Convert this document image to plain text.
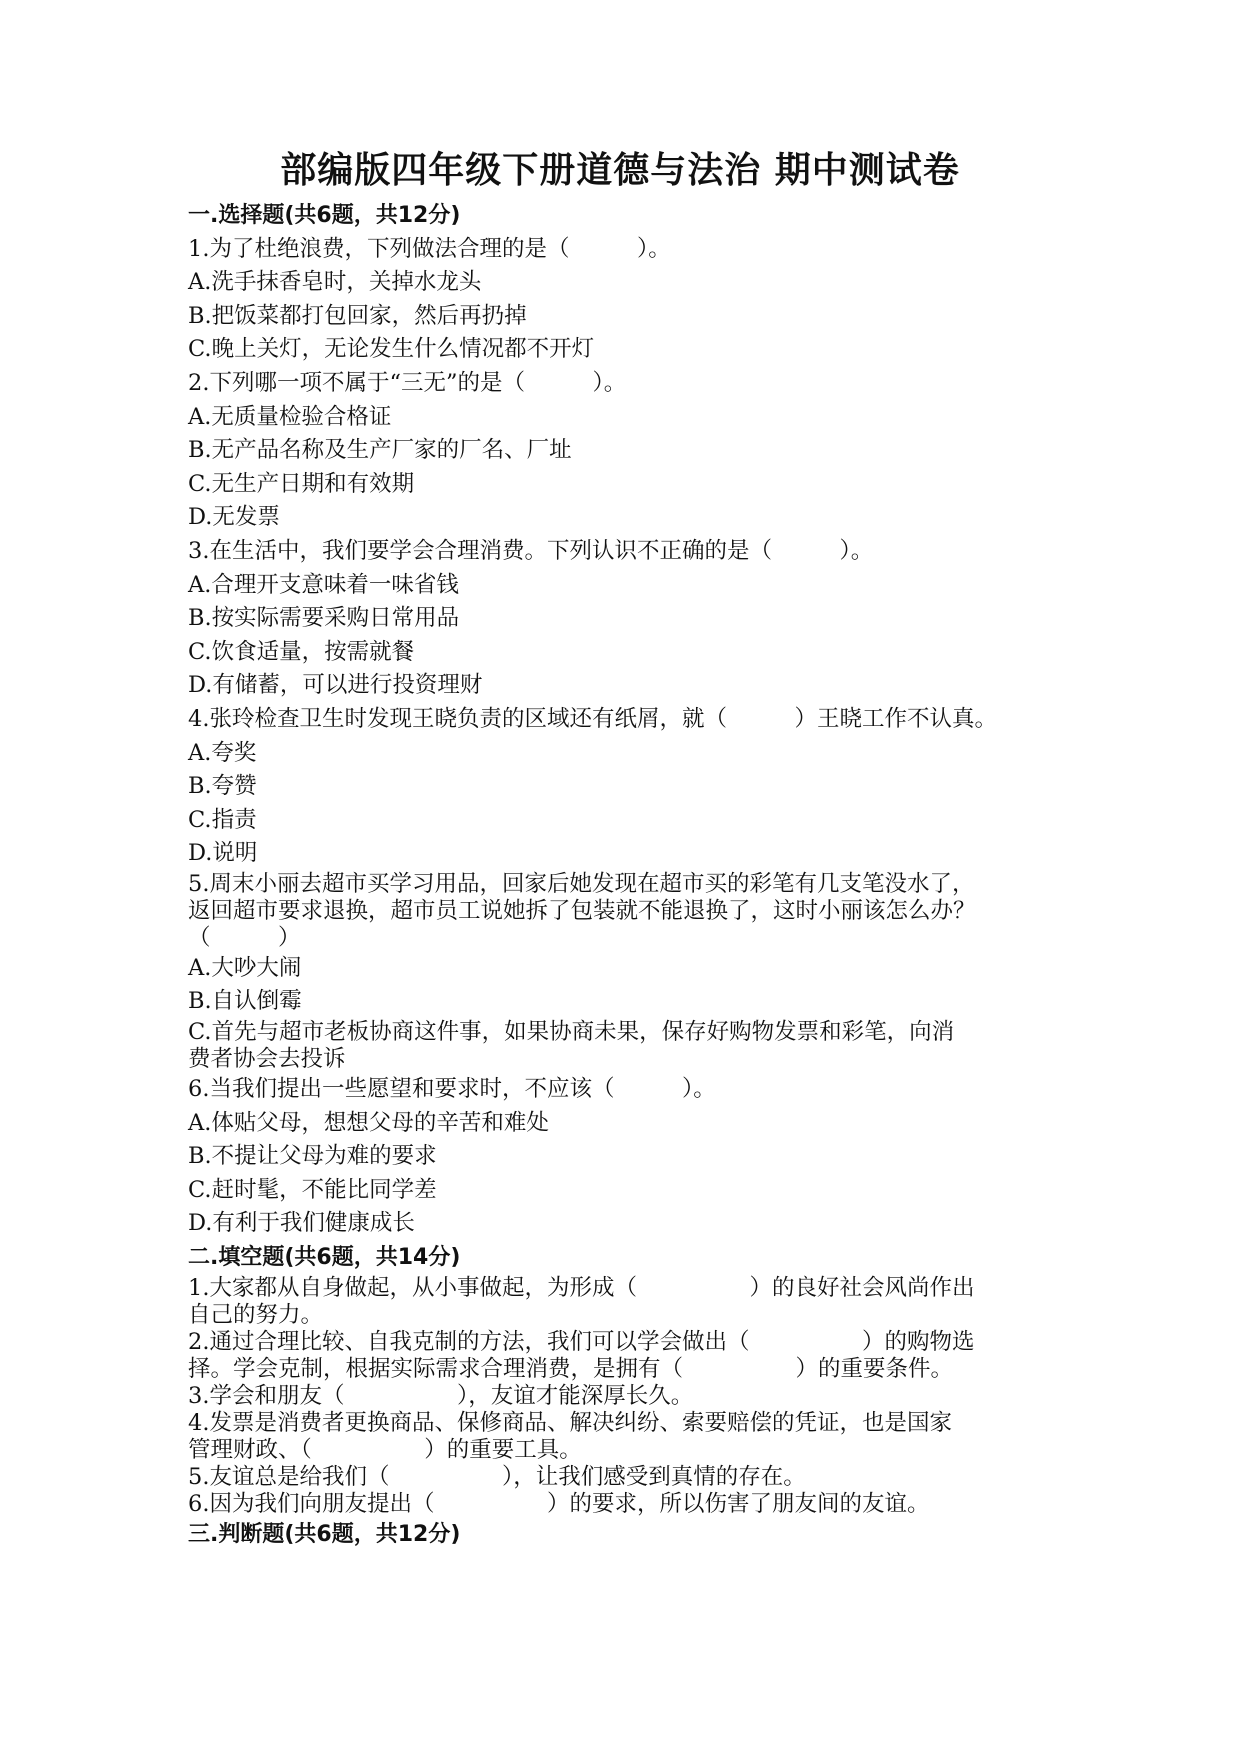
部编版四年级下册道德与法治 期中测试卷
一.选择题(共6题，共12分)
1.为了杜绝浪费，下列做法合理的是（　　　）。
A.洗手抹香皂时，关掉水龙头
B.把饭菜都打包回家，然后再扔掉
C.晚上关灯，无论发生什么情况都不开灯
2.下列哪一项不属于“三无”的是（　　　）。
A.无质量检验合格证
B.无产品名称及生产厂家的厂名、厂址
C.无生产日期和有效期
D.无发票
3.在生活中，我们要学会合理消费。下列认识不正确的是（　　　）。
A.合理开支意味着一味省钱
B.按实际需要采购日常用品
C.饮食适量，按需就餐
D.有储蓄，可以进行投资理财
4.张玲检查卫生时发现王晓负责的区域还有纸屑，就（　　　）王晓工作不认真。
A.夸奖
B.夸赞
C.指责
D.说明
5.周末小丽去超市买学习用品，回家后她发现在超市买的彩笔有几支笔没水了，
返回超市要求退换，超市员工说她拆了包装就不能退换了，这时小丽该怎么办？
（　　　）
A.大吵大闹
B.自认倒霉
C.首先与超市老板协商这件事，如果协商未果，保存好购物发票和彩笔，向消
费者协会去投诉
6.当我们提出一些愿望和要求时，不应该（　　　）。
A.体贴父母，想想父母的辛苦和难处
B.不提让父母为难的要求
C.赶时髦，不能比同学差
D.有利于我们健康成长
二.填空题(共6题，共14分)
1.大家都从自身做起，从小事做起，为形成（　　　　　）的良好社会风尚作出
自己的努力。
2.通过合理比较、自我克制的方法，我们可以学会做出（　　　　　）的购物选
择。学会克制，根据实际需求合理消费，是拥有（　　　　　）的重要条件。
3.学会和朋友（　　　　　），友谊才能深厚长久。
4.发票是消费者更换商品、保修商品、解决纠纷、索要赔偿的凭证，也是国家
管理财政、（　　　　　）的重要工具。
5.友谊总是给我们（　　　　　），让我们感受到真情的存在。
6.因为我们向朋友提出（　　　　　）的要求，所以伤害了朋友间的友谊。
三.判断题(共6题，共12分)
